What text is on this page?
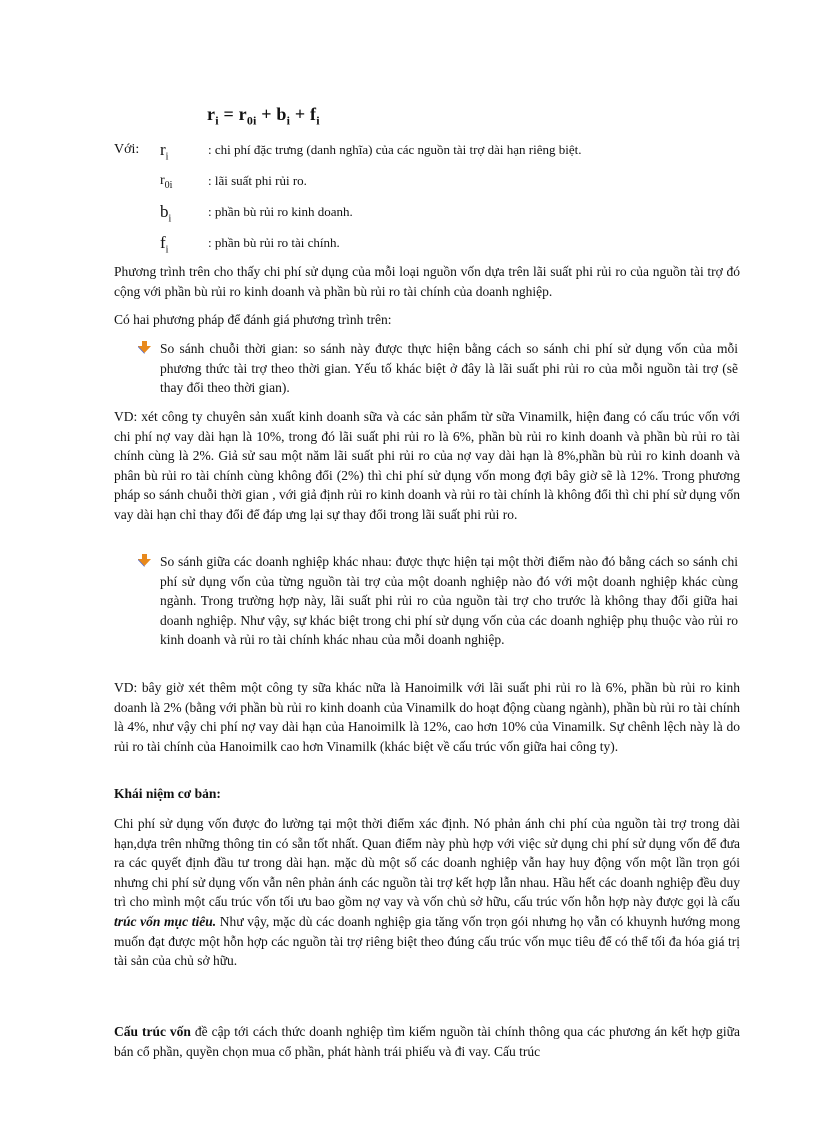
$r_i = r_{0i} + b_i + f_i$
Với: $r_i$	: chi phí đặc trưng (danh nghĩa) của các nguồn tài trợ dài hạn riêng biệt.
$r_{0i}$	: lãi suất phi rủi ro.
$b_i$	: phần bù rủi ro kinh doanh.
$f_i$	: phần bù rủi ro tài chính.

Phương trình trên cho thấy chi phí sử dụng của mỗi loại nguồn vốn dựa trên lãi suất phi rủi ro của nguồn tài trợ đó cộng với phần bù rủi ro kinh doanh và phần bù rủi ro tài chính của doanh nghiệp.

Có hai phương pháp để đánh giá phương trình trên:

So sánh chuỗi thời gian: so sánh này được thực hiện bằng cách so sánh chi phí sử dụng vốn của mỗi phương thức tài trợ theo thời gian. Yếu tố khác biệt ở đây là lãi suất phi rủi ro của mỗi nguồn tài trợ (sẽ thay đổi theo thời gian).

VD: xét công ty chuyên sản xuất kinh doanh sữa và các sản phẩm từ sữa Vinamilk, hiện đang có cấu trúc vốn với chi phí nợ vay dài hạn là 10%, trong đó lãi suất phi rủi ro là 6%, phần bù rủi ro kinh doanh và phần bù rủi ro tài chính cùng là 2%. Giả sử sau một năm lãi suất phi rủi ro của nợ vay dài hạn là 8%,phần bù rủi ro kinh doanh và phân bù rủi ro tài chính cùng không đổi (2%) thì chi phí sử dụng vốn mong đợi bây giờ sẽ là 12%. Trong phương pháp so sánh chuỗi thời gian , với giả định rủi ro kinh doanh và rủi ro tài chính là không đổi thì chi phí sử dụng vốn vay dài hạn chỉ thay đổi để đáp ưng lại sự thay đổi trong lãi suất phi rủi ro.

So sánh giữa các doanh nghiệp khác nhau: được thực hiện tại một thời điểm nào đó bằng cách so sánh chi phí sử dụng vốn của từng nguồn tài trợ của một doanh nghiệp nào đó với một doanh nghiệp khác cùng ngành. Trong trường hợp này, lãi suất phi rủi ro của nguồn tài trợ cho trước là không thay đổi giữa hai doanh nghiệp. Như vậy, sự khác biệt trong chi phí sử dụng vốn của các doanh nghiệp phụ thuộc vào rủi ro kinh doanh và rủi ro tài chính khác nhau của mỗi doanh nghiệp.

VD: bây giờ xét thêm một công ty sữa khác nữa là Hanoimilk với lãi suất phi rủi ro là 6%, phần bù rủi ro kinh doanh là 2% (bằng với phần bù rủi ro kinh doanh của Vinamilk do hoạt động cùang ngành), phần bù rủi ro tài chính là 4%, như vậy chi phí nợ vay dài hạn của Hanoimilk là 12%, cao hơn 10% của Vinamilk. Sự chênh lệch này là do rủi ro tài chính của Hanoimilk cao hơn Vinamilk (khác biệt về cấu trúc vốn giữa hai công ty).

Khái niệm cơ bản:

Chi phí sử dụng vốn được đo lường tại một thời điểm xác định. Nó phản ánh chi phí của nguồn tài trợ trong dài hạn,dựa trên những thông tin có sẵn tốt nhất. Quan điểm này phù hợp với việc sử dụng chi phí sử dụng vốn để đưa ra các quyết định đầu tư trong dài hạn. mặc dù một số các doanh nghiệp vẫn hay huy động vốn một lần trọn gói nhưng chi phí sử dụng vốn vẫn nên phản ánh các nguồn tài trợ kết hợp lẫn nhau. Hầu hết các doanh nghiệp đều duy trì cho mình một cấu trúc vốn tối ưu bao gồm nợ vay và vốn chủ sở hữu, cấu trúc vốn hỗn hợp này được gọi là cấu trúc vốn mục tiêu. Như vậy, mặc dù các doanh nghiệp gia tăng vốn trọn gói nhưng họ vẫn có khuynh hướng mong muốn đạt được một hỗn hợp các nguồn tài trợ riêng biệt theo đúng cấu trúc vốn mục tiêu để có thể tối đa hóa giá trị tài sản của chủ sở hữu.

Cấu trúc vốn đề cập tới cách thức doanh nghiệp tìm kiếm nguồn tài chính thông qua các phương án kết hợp giữa bán cổ phần, quyền chọn mua cổ phần, phát hành trái phiếu và đi vay. Cấu trúc
